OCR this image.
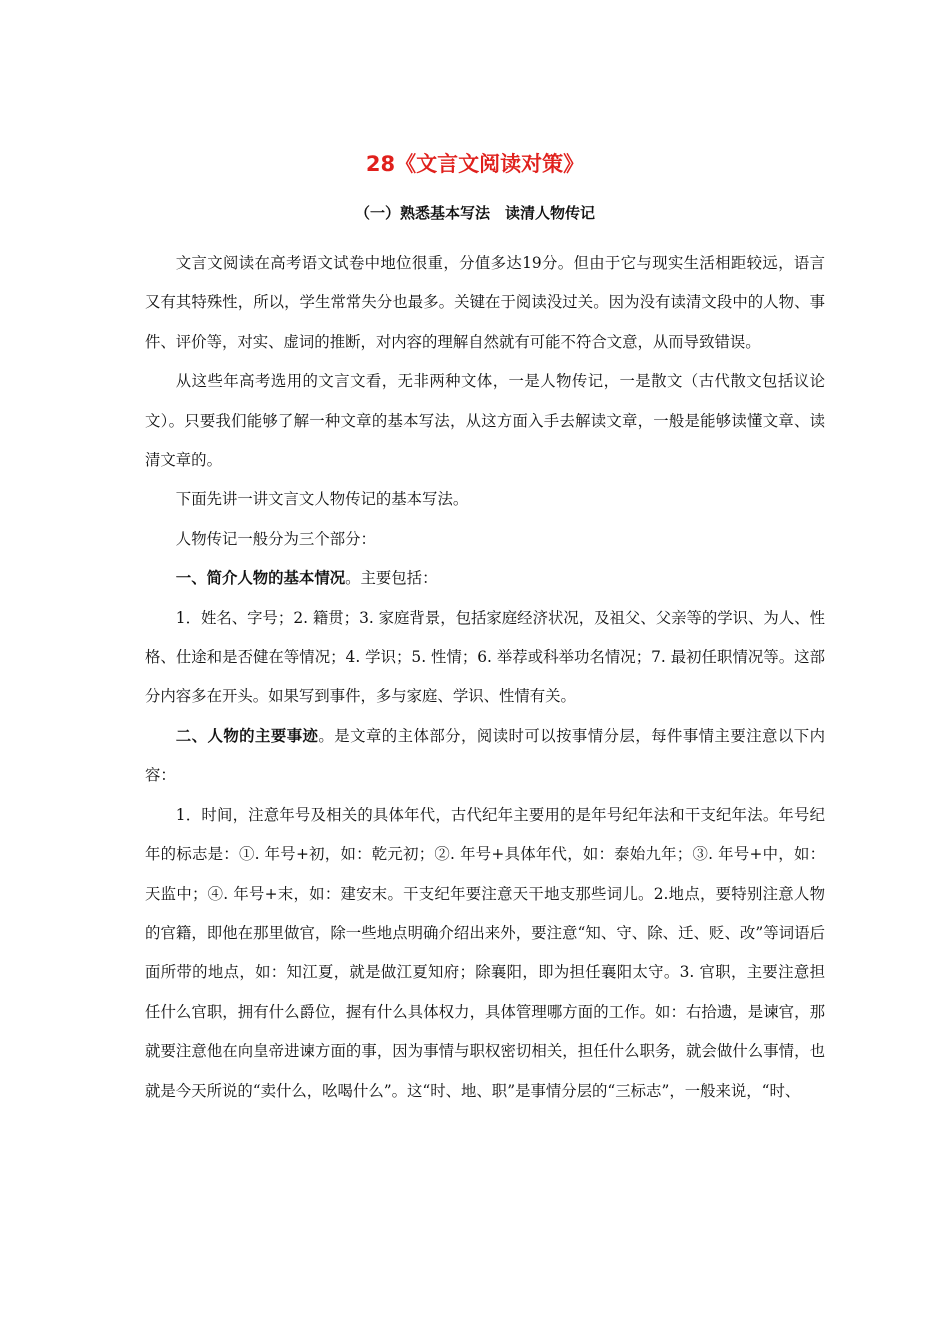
28《文言文阅读对策》
（一）熟悉基本写法　读清人物传记

文言文阅读在高考语文试卷中地位很重，分值多达19分。但由于它与现实生活相距较远，语言又有其特殊性，所以，学生常常失分也最多。关键在于阅读没过关。因为没有读清文段中的人物、事件、评价等，对实、虚词的推断，对内容的理解自然就有可能不符合文意，从而导致错误。

从这些年高考选用的文言文看，无非两种文体，一是人物传记，一是散文（古代散文包括议论文）。只要我们能够了解一种文章的基本写法，从这方面入手去解读文章，一般是能够读懂文章、读清文章的。

下面先讲一讲文言文人物传记的基本写法。

人物传记一般分为三个部分：

一、简介人物的基本情况。主要包括：

1．姓名、字号；2. 籍贯；3. 家庭背景，包括家庭经济状况，及祖父、父亲等的学识、为人、性格、仕途和是否健在等情况；4. 学识；5. 性情；6. 举荐或科举功名情况；7. 最初任职情况等。这部分内容多在开头。如果写到事件，多与家庭、学识、性情有关。

二、人物的主要事迹。是文章的主体部分，阅读时可以按事情分层，每件事情主要注意以下内容：

1．时间，注意年号及相关的具体年代，古代纪年主要用的是年号纪年法和干支纪年法。年号纪年的标志是：①. 年号+初，如：乾元初；②. 年号+具体年代，如：泰始九年；③. 年号+中，如：天监中；④. 年号+末，如：建安末。干支纪年要注意天干地支那些词儿。2.地点，要特别注意人物的官籍，即他在那里做官，除一些地点明确介绍出来外，要注意“知、守、除、迁、贬、改”等词语后面所带的地点，如：知江夏，就是做江夏知府；除襄阳，即为担任襄阳太守。3. 官职，主要注意担任什么官职，拥有什么爵位，握有什么具体权力，具体管理哪方面的工作。如：右拾遗，是谏官，那就要注意他在向皇帝进谏方面的事，因为事情与职权密切相关，担任什么职务，就会做什么事情，也就是今天所说的“卖什么，吆喝什么”。这“时、地、职”是事情分层的“三标志”，一般来说，“时、
